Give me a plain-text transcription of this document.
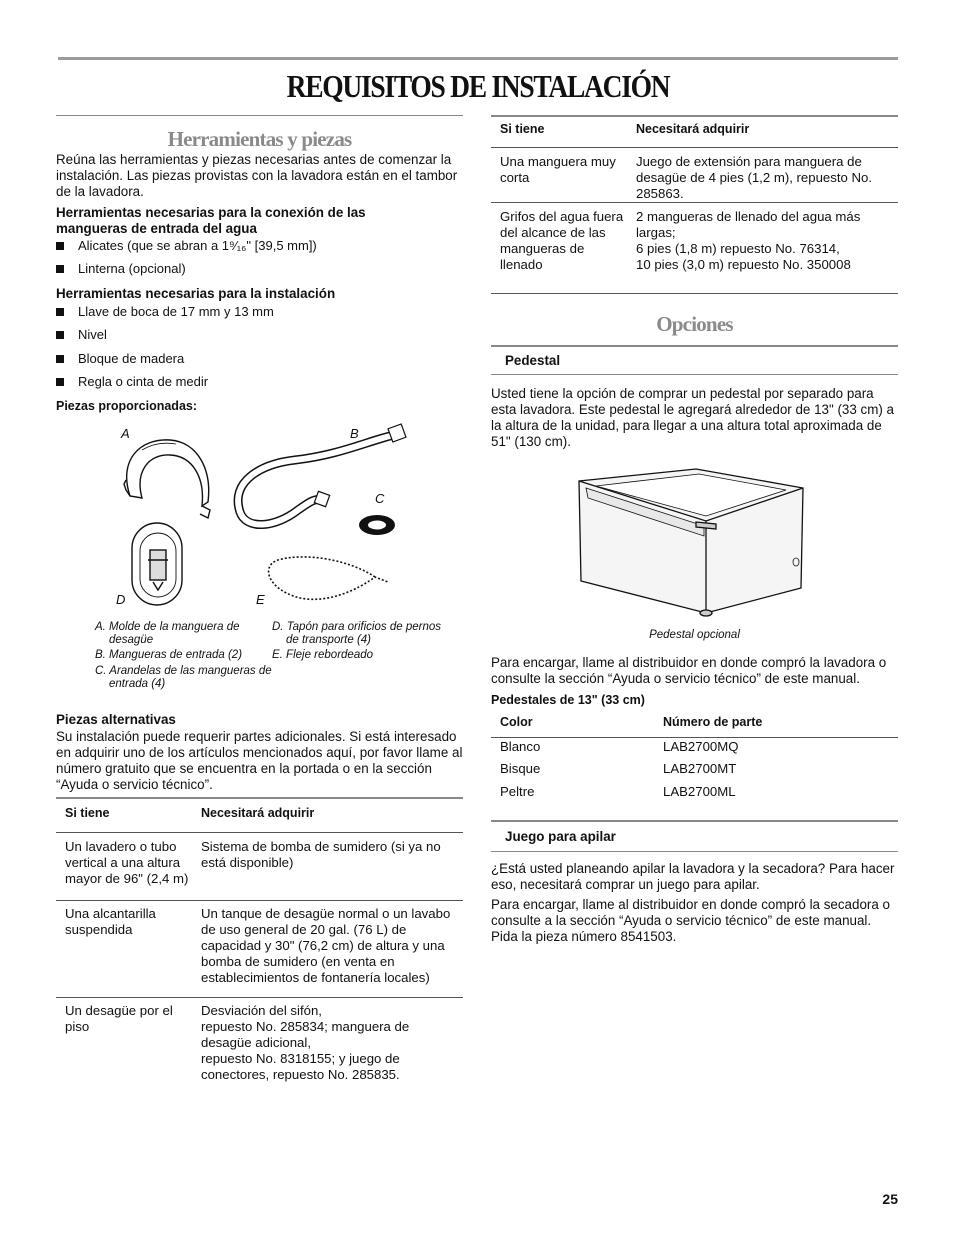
REQUISITOS DE INSTALACIÓN
Herramientas y piezas

Reúna las herramientas y piezas necesarias antes de comenzar la instalación. Las piezas provistas con la lavadora están en el tambor de la lavadora.

Herramientas necesarias para la conexión de las mangueras de entrada del agua
Alicates (que se abran a 1⁹⁄₁₆" [39,5 mm])
Linterna (opcional)
Herramientas necesarias para la instalación
Llave de boca de 17 mm y 13 mm
Nivel
Bloque de madera
Regla o cinta de medir
Piezas proporcionadas:
A	B
C
D	E
A. Molde de la manguera de desagüe
B. Mangueras de entrada (2)
C. Arandelas de las mangueras de entrada (4)
D. Tapón para orificios de pernos de transporte (4)
E. Fleje rebordeado
Piezas alternativas
Su instalación puede requerir partes adicionales. Si está interesado en adquirir uno de los artículos mencionados aquí, por favor llame al número gratuito que se encuentra en la portada o en la sección “Ayuda o servicio técnico”.
Si tiene	Necesitará adquirir
Un lavadero o tubo vertical a una altura mayor de 96" (2,4 m)	Sistema de bomba de sumidero (si ya no está disponible)
Una alcantarilla suspendida	Un tanque de desagüe normal o un lavabo de uso general de 20 gal. (76 L) de capacidad y 30" (76,2 cm) de altura y una bomba de sumidero (en venta en establecimientos de fontanería locales)
Un desagüe por el piso	Desviación del sifón,
repuesto No. 285834; manguera de desagüe adicional,
repuesto No. 8318155; y juego de conectores, repuesto No. 285835.
Si tiene	Necesitará adquirir
Una manguera muy corta	Juego de extensión para manguera de desagüe de 4 pies (1,2 m), repuesto No. 285863.
Grifos del agua fuera del alcance de las mangueras de llenado	2 mangueras de llenado del agua más largas;
6 pies (1,8 m) repuesto No. 76314,
10 pies (3,0 m) repuesto No. 350008
Opciones
Pedestal
Usted tiene la opción de comprar un pedestal por separado para esta lavadora. Este pedestal le agregará alrededor de 13" (33 cm) a la altura de la unidad, para llegar a una altura total aproximada de 51" (130 cm).
Pedestal opcional
Para encargar, llame al distribuidor en donde compró la lavadora o consulte la sección “Ayuda o servicio técnico” de este manual.
Pedestales de 13" (33 cm)
Color	Número de parte
Blanco	LAB2700MQ
Bisque	LAB2700MT
Peltre	LAB2700ML
Juego para apilar
¿Está usted planeando apilar la lavadora y la secadora? Para hacer eso, necesitará comprar un juego para apilar.
Para encargar, llame al distribuidor en donde compró la secadora o consulte a la sección “Ayuda o servicio técnico” de este manual. Pida la pieza número 8541503.
25
